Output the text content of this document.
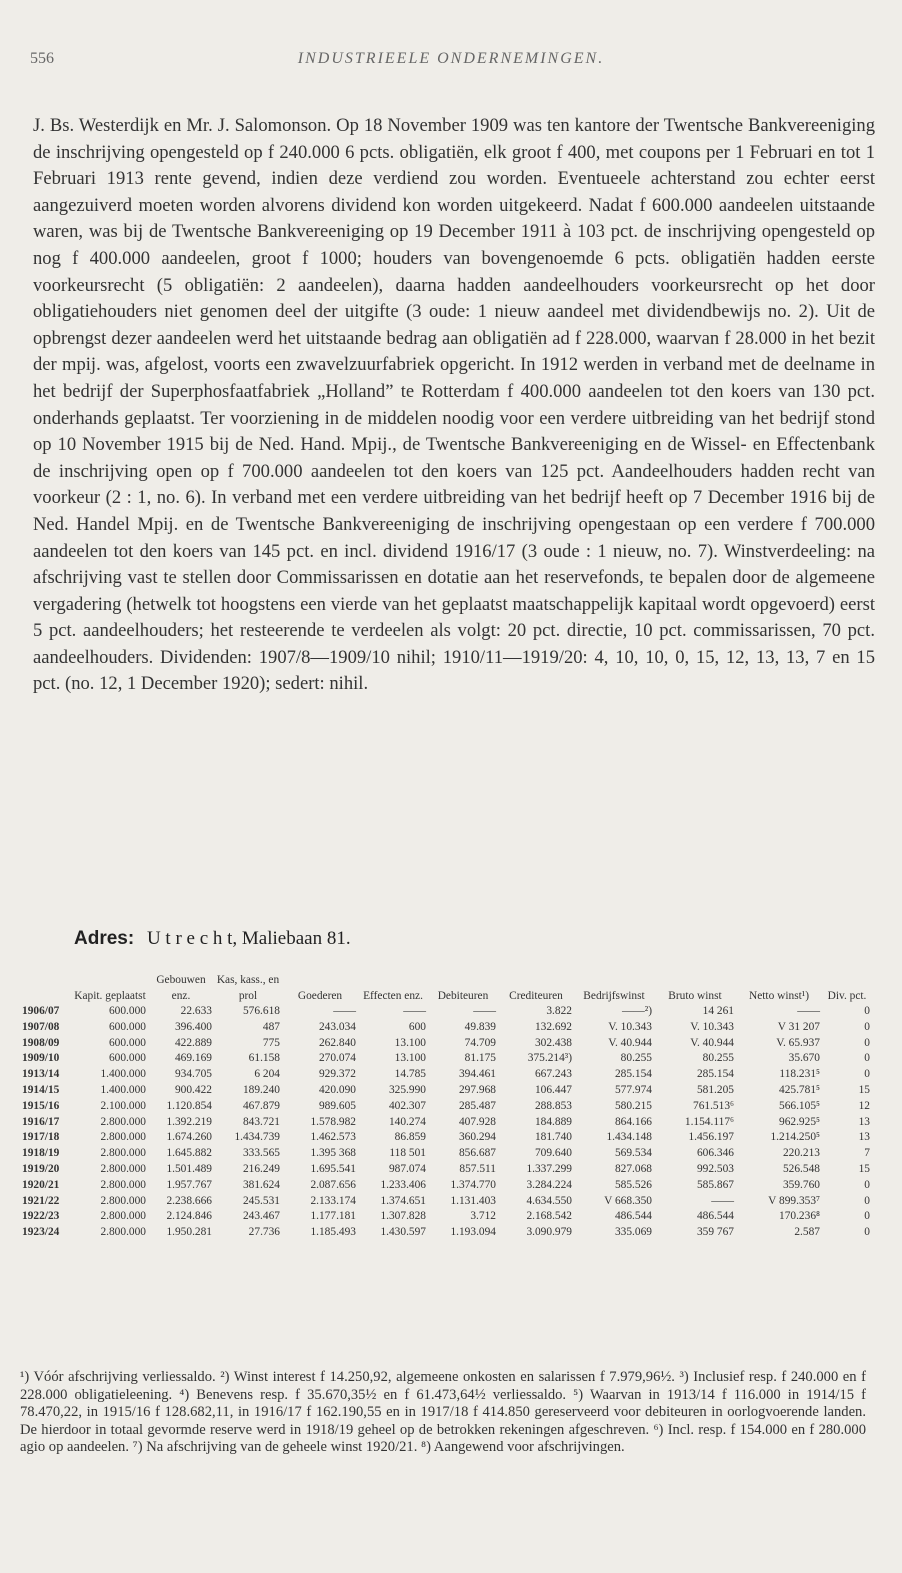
556	INDUSTRIEELE ONDERNEMINGEN.

J. Bs. Westerdijk en Mr. J. Salomonson. Op 18 November 1909 was ten kantore der Twentsche Bankvereeniging de inschrijving opengesteld op f 240.000 6 pcts. obligatiën, elk groot f 400, met coupons per 1 Februari en tot 1 Februari 1913 rente gevend, indien deze verdiend zou worden. Eventueele achterstand zou echter eerst aangezuiverd moeten worden alvorens dividend kon worden uitgekeerd. Nadat f 600.000 aandeelen uitstaande waren, was bij de Twentsche Bankvereeniging op 19 December 1911 à 103 pct. de inschrijving opengesteld op nog f 400.000 aandeelen, groot f 1000; houders van bovengenoemde 6 pcts. obligatiën hadden eerste voorkeursrecht (5 obligatiën: 2 aandeelen), daarna hadden aandeelhouders voorkeursrecht op het door obligatiehouders niet genomen deel der uitgifte (3 oude: 1 nieuw aandeel met dividendbewijs no. 2). Uit de opbrengst dezer aandeelen werd het uitstaande bedrag aan obligatiën ad f 228.000, waarvan f 28.000 in het bezit der mpij. was, afgelost, voorts een zwavelzuurfabriek opgericht. In 1912 werden in verband met de deelname in het bedrijf der Superphosfaatfabriek „Holland” te Rotterdam f 400.000 aandeelen tot den koers van 130 pct. onderhands geplaatst. Ter voorziening in de middelen noodig voor een verdere uitbreiding van het bedrijf stond op 10 November 1915 bij de Ned. Hand. Mpij., de Twentsche Bankvereeniging en de Wissel- en Effectenbank de inschrijving open op f 700.000 aandeelen tot den koers van 125 pct. Aandeelhouders hadden recht van voorkeur (2 : 1, no. 6). In verband met een verdere uitbreiding van het bedrijf heeft op 7 December 1916 bij de Ned. Handel Mpij. en de Twentsche Bankvereeniging de inschrijving opengestaan op een verdere f 700.000 aandeelen tot den koers van 145 pct. en incl. dividend 1916/17 (3 oude : 1 nieuw, no. 7). Winstverdeeling: na afschrijving vast te stellen door Commissarissen en dotatie aan het reservefonds, te bepalen door de algemeene vergadering (hetwelk tot hoogstens een vierde van het geplaatst maatschappelijk kapitaal wordt opgevoerd) eerst 5 pct. aandeelhouders; het resteerende te verdeelen als volgt: 20 pct. directie, 10 pct. commissarissen, 70 pct. aandeelhouders. Dividenden: 1907/8—1909/10 nihil; 1910/11—1919/20: 4, 10, 10, 0, 15, 12, 13, 13, 7 en 15 pct. (no. 12, 1 December 1920); sedert: nihil.

Adres: U t r e c h t, Maliebaan 81.
	Kapit. geplaatst	Gebouwen enz.	Kas, kass., en prol	Goederen	Effecten enz.	Debiteuren	Crediteuren	Bedrijfswinst	Bruto winst	Netto winst¹)	Div. pct.
1906/07	600.000	22.633	576.618	——	——	——	3.822	——²)	14 261	——	0
1907/08	600.000	396.400	487	243.034	600	49.839	132.692	V. 10.343	V. 10.343	V 31 207	0
1908/09	600.000	422.889	775	262.840	13.100	74.709	302.438	V. 40.944	V. 40.944	V. 65.937	0
1909/10	600.000	469.169	61.158	270.074	13.100	81.175	375.214³)	80.255	80.255	35.670	0
1913/14	1.400.000	934.705	6 204	929.372	14.785	394.461	667.243	285.154	285.154	118.231⁵	0
1914/15	1.400.000	900.422	189.240	420.090	325.990	297.968	106.447	577.974	581.205	425.781⁵	15
1915/16	2.100.000	1.120.854	467.879	989.605	402.307	285.487	288.853	580.215	761.513⁶	566.105⁵	12
1916/17	2.800.000	1.392.219	843.721	1.578.982	140.274	407.928	184.889	864.166	1.154.117⁶	962.925⁵	13
1917/18	2.800.000	1.674.260	1.434.739	1.462.573	86.859	360.294	181.740	1.434.148	1.456.197	1.214.250⁵	13
1918/19	2.800.000	1.645.882	333.565	1.395 368	118 501	856.687	709.640	569.534	606.346	220.213	7
1919/20	2.800.000	1.501.489	216.249	1.695.541	987.074	857.511	1.337.299	827.068	992.503	526.548	15
1920/21	2.800.000	1.957.767	381.624	2.087.656	1.233.406	1.374.770	3.284.224	585.526	585.867	359.760	0
1921/22	2.800.000	2.238.666	245.531	2.133.174	1.374.651	1.131.403	4.634.550	V 668.350	——	V 899.353⁷	0
1922/23	2.800.000	2.124.846	243.467	1.177.181	1.307.828	3.712	2.168.542	486.544	486.544	170.236⁸	0
1923/24	2.800.000	1.950.281	27.736	1.185.493	1.430.597	1.193.094	3.090.979	335.069	359 767	2.587	0
¹) Vóór afschrijving verliessaldo. ²) Winst interest f 14.250,92, algemeene onkosten en salarissen f 7.979,96½. ³) Inclusief resp. f 240.000 en f 228.000 obligatieleening. ⁴) Benevens resp. f 35.670,35½ en f 61.473,64½ verliessaldo. ⁵) Waarvan in 1913/14 f 116.000 in 1914/15 f 78.470,22, in 1915/16 f 128.682,11, in 1916/17 f 162.190,55 en in 1917/18 f 414.850 gereserveerd voor debiteuren in oorlogvoerende landen. De hierdoor in totaal gevormde reserve werd in 1918/19 geheel op de betrokken rekeningen afgeschreven. ⁶) Incl. resp. f 154.000 en f 280.000 agio op aandeelen. ⁷) Na afschrijving van de geheele winst 1920/21. ⁸) Aangewend voor afschrijvingen.
